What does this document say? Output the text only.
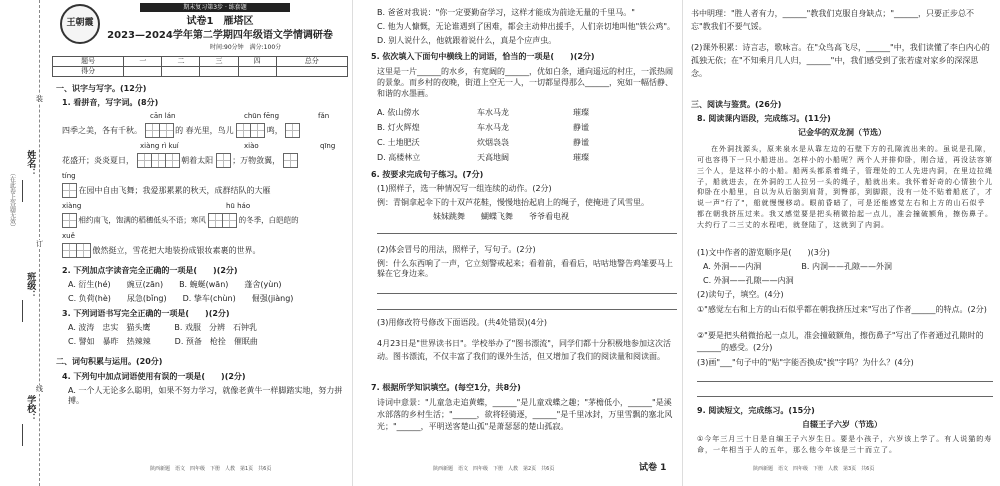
姓名：
（在此卷上答题无效）
班级：
学校：
装
订
线
王朝霞
期末复习第3步 · 练套题
试卷1　雁塔区
2023—2024学年第二学期四年级语文学情调研卷
时间:90分钟　满分:100分
题号	一	二	三	四	总分
得分					
一、识字与写字。(12分)
1. 看拼音，写字词。(8分)
cān lán	chūn fēng	fǎn
四季之美，各有千秋。	的 春光里，鸟儿	鸣，
xiàng rì kuí	xiào	qīng
花盛开；炎炎夏日，	朝着太阳 ；万物敛翼，
tíng
在园中自由飞舞；我爱那累累的秋天，成群结队的大雁
xiàng	hū háo
相约南飞，饱满的稻穗低头不语；寒风	的冬季，白皑皑的
xuě
傲然挺立，雪花把大地装扮成银妆素裹的世界。
2. 下列加点字读音完全正确的一项是(　　)(2分)
A. 衍生(hé)　　豌豆(zān)　　B. 蜿蜒(wān)　　蓬舍(yùn)
C. 负荷(hè)　　尿急(bǐng)　　D. 挚车(chùn)　　倔强(jiàng)
3. 下列词语书写完全正确的一项是(　　)(2分)
A. 波涛　忠实　猫头鹰　　　B. 戏服　分辨　石钟乳
C. 譬如　暴昨　热辣辣　　　D. 预备　枪拴　催眠曲
二、词句积累与运用。(20分)
4. 下列句中加点词语使用有误的一项是(　　)(2分)
A. 一个人无论多么聪明，如果不努力学习，就像老黄牛一样脚踏实地，努力拼搏。
陕西新题　语文　四年级　下册　人教　第1页　共6页
B. 爸爸对我说："你一定要勤奋学习，这样才能成为前途无量的千里马。"
C. 他为人慷慨，无论谁遇到了困难，都会主动伸出援手，人们亲切地叫他"铁公鸡"。
D. 别人说什么，他就跟着说什么，真是个应声虫。
5. 依次填入下面句中横线上的词语，恰当的一项是(　　)(2分)
这里是一片______的水乡，有宽阔的______，优如白条，通向遥远的村庄，一派热闹的景象。而乡村的夜晚，街道上空无一人，一切都显得那么______，宛如一幅恬静、和谐的水墨画。
A. 依山傍水	车水马龙	璀璨
B. 灯火辉煌	车水马龙	静谧
C. 土地肥沃	炊烟袅袅	静谧
D. 高楼林立	天高地阔	璀璨
6. 按要求完成句子练习。(7分)
(1)照样子，选一种情况写一组连续的动作。(2分)
例：青铜拿起伞下的十双芦花鞋，慢慢地抬起肩上的绳子，使掩进了风雪里。
妹妹跳舞　　蝴蝶飞舞　　爷爷看电视
(2)体会冒号的用法，照样子，写句子。(2分)
例：什么东西响了一声，它立刻警戒起来；看着前，看看后，咕咕地警告鸡雏要马上躲在它身边来。
(3)用修改符号修改下面语段。(共4处错误)(4分)
4月23日是"世界读书日"。学校举办了"图书漂流"，同学们都十分积极地参加这次活动。图书漂流，不仅丰富了我们的课外生活，但又增加了我们的阅读量和阅读面。
7. 根据所学知识填空。(每空1分，共8分)
诗词中意景："儿童急走追黄蝶，______"是儿童戏蝶之趣；"茅檐低小，______"是溪水部落的乡村生活；"______，欲将轻骑逐，______"是千里冰封，万里雪飘的塞北风光；"______，平明送客楚山孤"是萧瑟瑟的楚山孤寂。
陕西新题　语文　四年级　下册　人教　第2页　共6页	试卷 1
书中明理："胜人者有力，______"教我们克服自身缺点；"______，只要正步总不忘"教我们不要气馁。
(2)课外积累：诗言志，歌咏言。在"众鸟高飞尽，______"中，我们读懂了李白内心的孤独无依；在"不知乘月几人归，______"中，我们感受到了张若虚对家乡的深深思念。
三、阅读与鉴赏。(26分)
8. 阅读课内语段，完成练习。(11分)
记金华的双龙洞（节选）
在外洞找源头，原来泉水是从靠左边的石壁下方的孔隙流出来的。虽说是孔隙，可也容得下一只小船进出。怎样小的小船呢？两个人并排仰卧，刚合适，再没法容第三个人，是这样小的小船。船两头都系着绳子，管理处的工人先进内洞，在里边拉绳子，船就进去，在外洞的工人拉另一头的绳子，船就出来。我怀着好奇的心情独个儿仰卧在小船里，自以为从后脑到肩背，到臀部，到脚跟，没有一处不贴着船底了，才说一声"行了"，船就慢慢移动。眼前昏暗了，可是还能感觉左右和上方的山石似乎都在朝我挤压过来。我又感觉要是把头稍微抬起一点儿，准会撞破额角，擦伤鼻子。大约行了二三丈的水程吧，就登陆了，这就到了内洞。
(1)文中作者的游览顺序是(　　)(3分)
A. 外洞——内洞　　　　　B. 内洞——孔隙——外洞
C. 外洞——孔隙——内洞
(2)读句子，填空。(4分)
①"感觉左右和上方的山石似乎都在朝我挤压过来"写出了作者______的特点。(2分)
②"要是把头稍微抬起一点儿，准会撞破额角，擦伤鼻子"写出了作者通过孔隙时的______的感受。(2分)
(3)画"___"句子中的"贴"字能否换成"挨"字吗？为什么？(4分)
9. 阅读短文，完成练习。(15分)
自辍王子六岁（节选）
①今年三月三十日是自编王子六岁生日。要是小孩子，六岁该上学了。有人说猫的寿命，一年相当于人的五年，那么他今年该是三十而立了。
陕西新题　语文　四年级　下册　人教　第3页　共6页
